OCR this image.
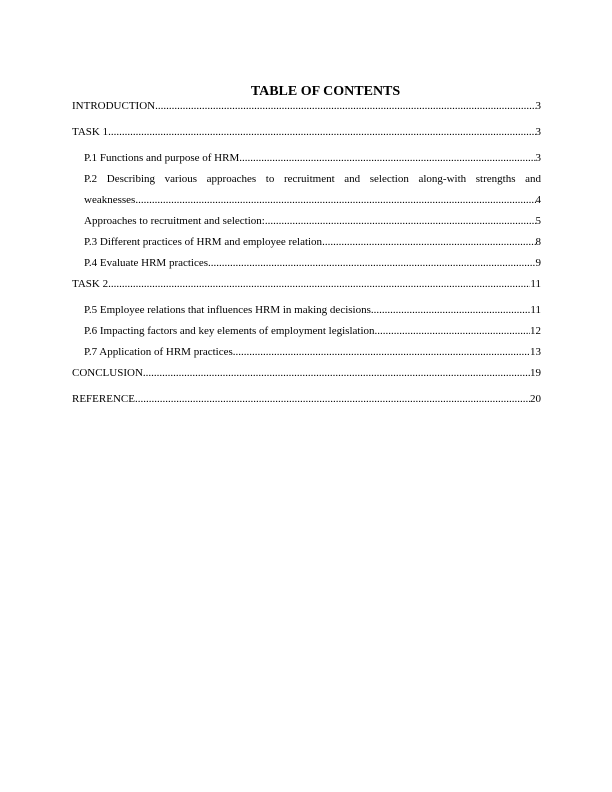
TABLE OF CONTENTS
INTRODUCTION .....	3
TASK 1 .....	3
P.1 Functions and purpose of HRM .....	3
P.2 Describing various approaches to recruitment and selection along-with strengths and
weaknesses .....	4
Approaches to recruitment and selection: .....	5
P.3 Different practices of HRM and employee relation .....	8
P.4 Evaluate HRM practices .....	9
TASK 2 .....	11
P.5 Employee relations that influences HRM in making decisions .....	11
P.6 Impacting factors and key elements of employment legislation .....	12
P.7 Application of HRM practices .....	13
CONCLUSION .....	19
REFERENCE .....	20
